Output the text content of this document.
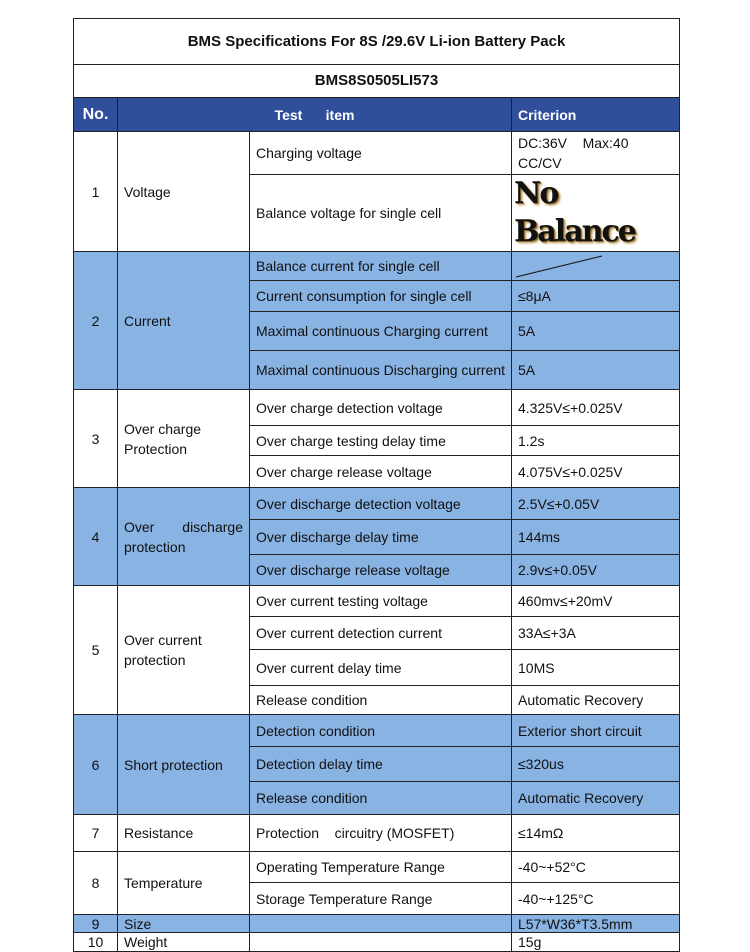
BMS Specifications For 8S /29.6V Li-ion Battery Pack			
BMS8S0505LI573			
No.	Test      item		Criterion
1	Voltage	Charging voltage	DC:36V    Max:40 CC/CV
		Balance voltage for single cell	No Balance

2	Current	Balance current for single cell	

		Current consumption for single cell	≤8μA
		Maximal continuous Charging current	5A
		Maximal continuous Discharging current	5A
3	Over charge Protection	Over charge detection voltage	4.325V≤+0.025V
		Over charge testing delay time	1.2s
		Over charge release voltage	4.075V≤+0.025V
4	Over discharge protection	Over discharge detection voltage	2.5V≤+0.05V
		Over discharge delay time	144ms
		Over discharge release voltage	2.9v≤+0.05V
5	Over current protection	Over current testing voltage	460mv≤+20mV
		Over current detection current	33A≤+3A
		Over current delay time	10MS
		Release condition	Automatic Recovery
6	Short protection	Detection condition	Exterior short circuit
		Detection delay time	≤320us
		Release condition	Automatic Recovery
7	Resistance	Protection    circuitry (MOSFET)	≤14mΩ
8	Temperature	Operating Temperature Range	-40~+52°C
		Storage Temperature Range	-40~+125°C
9	Size		L57*W36*T3.5mm
10	Weight		15g
